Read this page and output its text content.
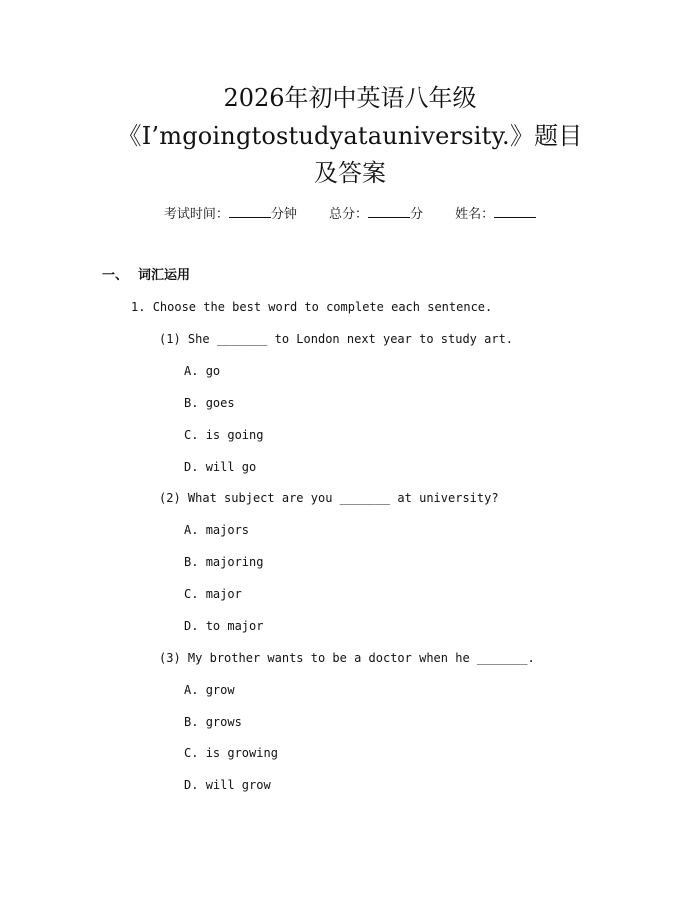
2026年初中英语八年级
《I’mgoingtostudyatauniversity.》题目
及答案
考试时间：	分钟 总分：	分 姓名：
一、 词汇运用
1. Choose the best word to complete each sentence.
(1) She _______ to London next year to study art.
A. go
B. goes
C. is going
D. will go
(2) What subject are you _______ at university?
A. majors
B. majoring
C. major
D. to major
(3) My brother wants to be a doctor when he _______.
A. grow
B. grows
C. is growing
D. will grow
